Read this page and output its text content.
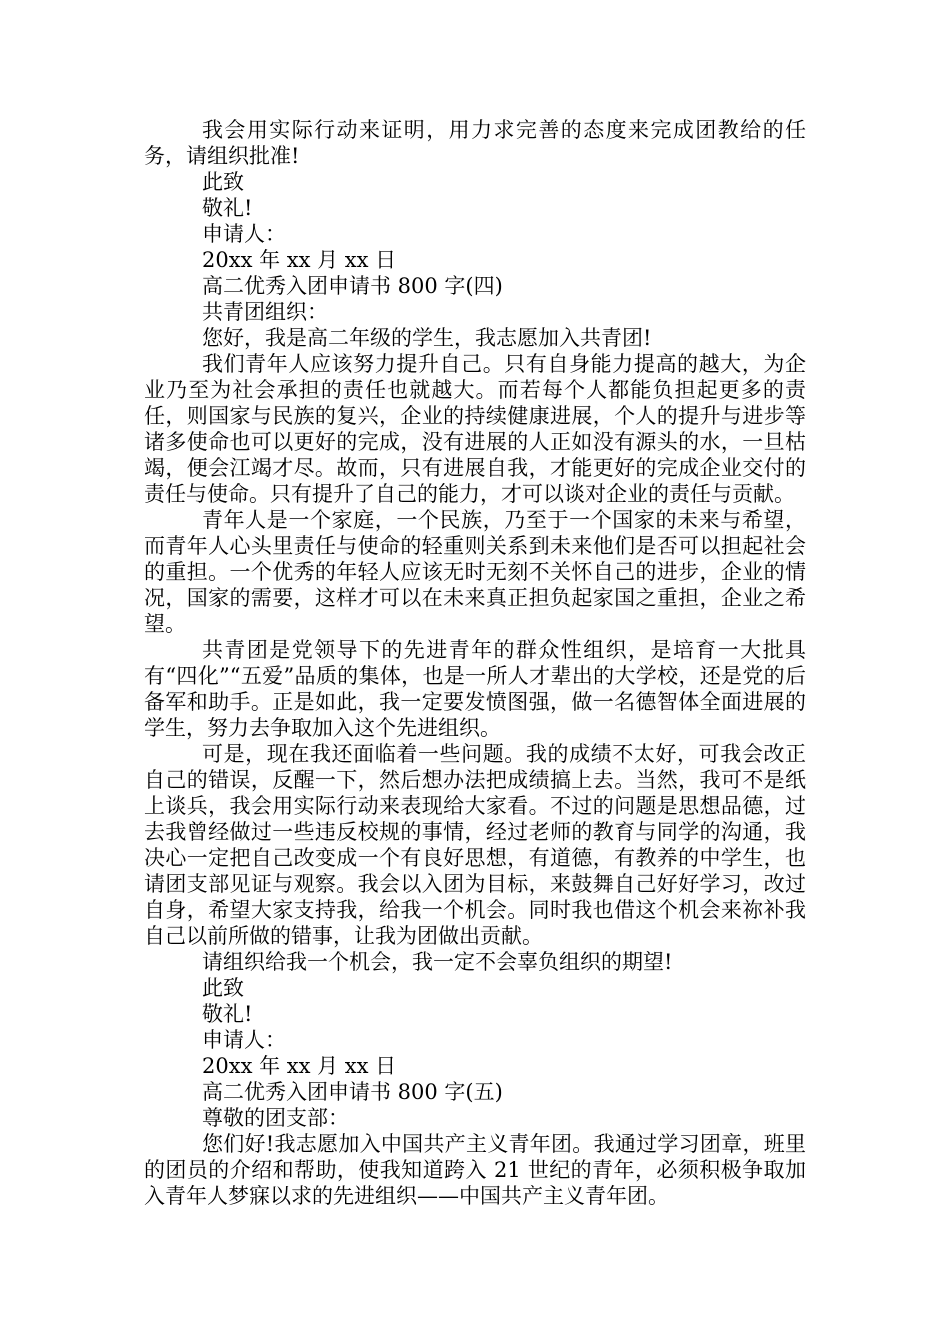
我会用实际行动来证明，用力求完善的态度来完成团教给的任务，请组织批准!

此致

敬礼!

申请人：

20xx 年 xx 月 xx 日

高二优秀入团申请书 800 字(四)

共青团组织：

您好，我是高二年级的学生，我志愿加入共青团!

我们青年人应该努力提升自己。只有自身能力提高的越大，为企业乃至为社会承担的责任也就越大。而若每个人都能负担起更多的责任，则国家与民族的复兴，企业的持续健康进展，个人的提升与进步等诸多使命也可以更好的完成，没有进展的人正如没有源头的水，一旦枯竭，便会江竭才尽。故而，只有进展自我，才能更好的完成企业交付的责任与使命。只有提升了自己的能力，才可以谈对企业的责任与贡献。

青年人是一个家庭，一个民族，乃至于一个国家的未来与希望，而青年人心头里责任与使命的轻重则关系到未来他们是否可以担起社会的重担。一个优秀的年轻人应该无时无刻不关怀自己的进步，企业的情况，国家的需要，这样才可以在未来真正担负起家国之重担，企业之希望。

共青团是党领导下的先进青年的群众性组织，是培育一大批具有“四化”“五爱”品质的集体，也是一所人才辈出的大学校，还是党的后备军和助手。正是如此，我一定要发愤图强，做一名德智体全面进展的学生，努力去争取加入这个先进组织。

可是，现在我还面临着一些问题。我的成绩不太好，可我会改正自己的错误，反醒一下，然后想办法把成绩搞上去。当然，我可不是纸上谈兵，我会用实际行动来表现给大家看。不过的问题是思想品德，过去我曾经做过一些违反校规的事情，经过老师的教育与同学的沟通，我决心一定把自己改变成一个有良好思想，有道德，有教养的中学生，也请团支部见证与观察。我会以入团为目标，来鼓舞自己好好学习，改过自身，希望大家支持我，给我一个机会。同时我也借这个机会来祢补我自己以前所做的错事，让我为团做出贡献。

请组织给我一个机会，我一定不会辜负组织的期望!

此致

敬礼!

申请人：

20xx 年 xx 月 xx 日

高二优秀入团申请书 800 字(五)

尊敬的团支部：

您们好!我志愿加入中国共产主义青年团。我通过学习团章，班里的团员的介绍和帮助，使我知道跨入 21 世纪的青年，必须积极争取加入青年人梦寐以求的先进组织——中国共产主义青年团。
